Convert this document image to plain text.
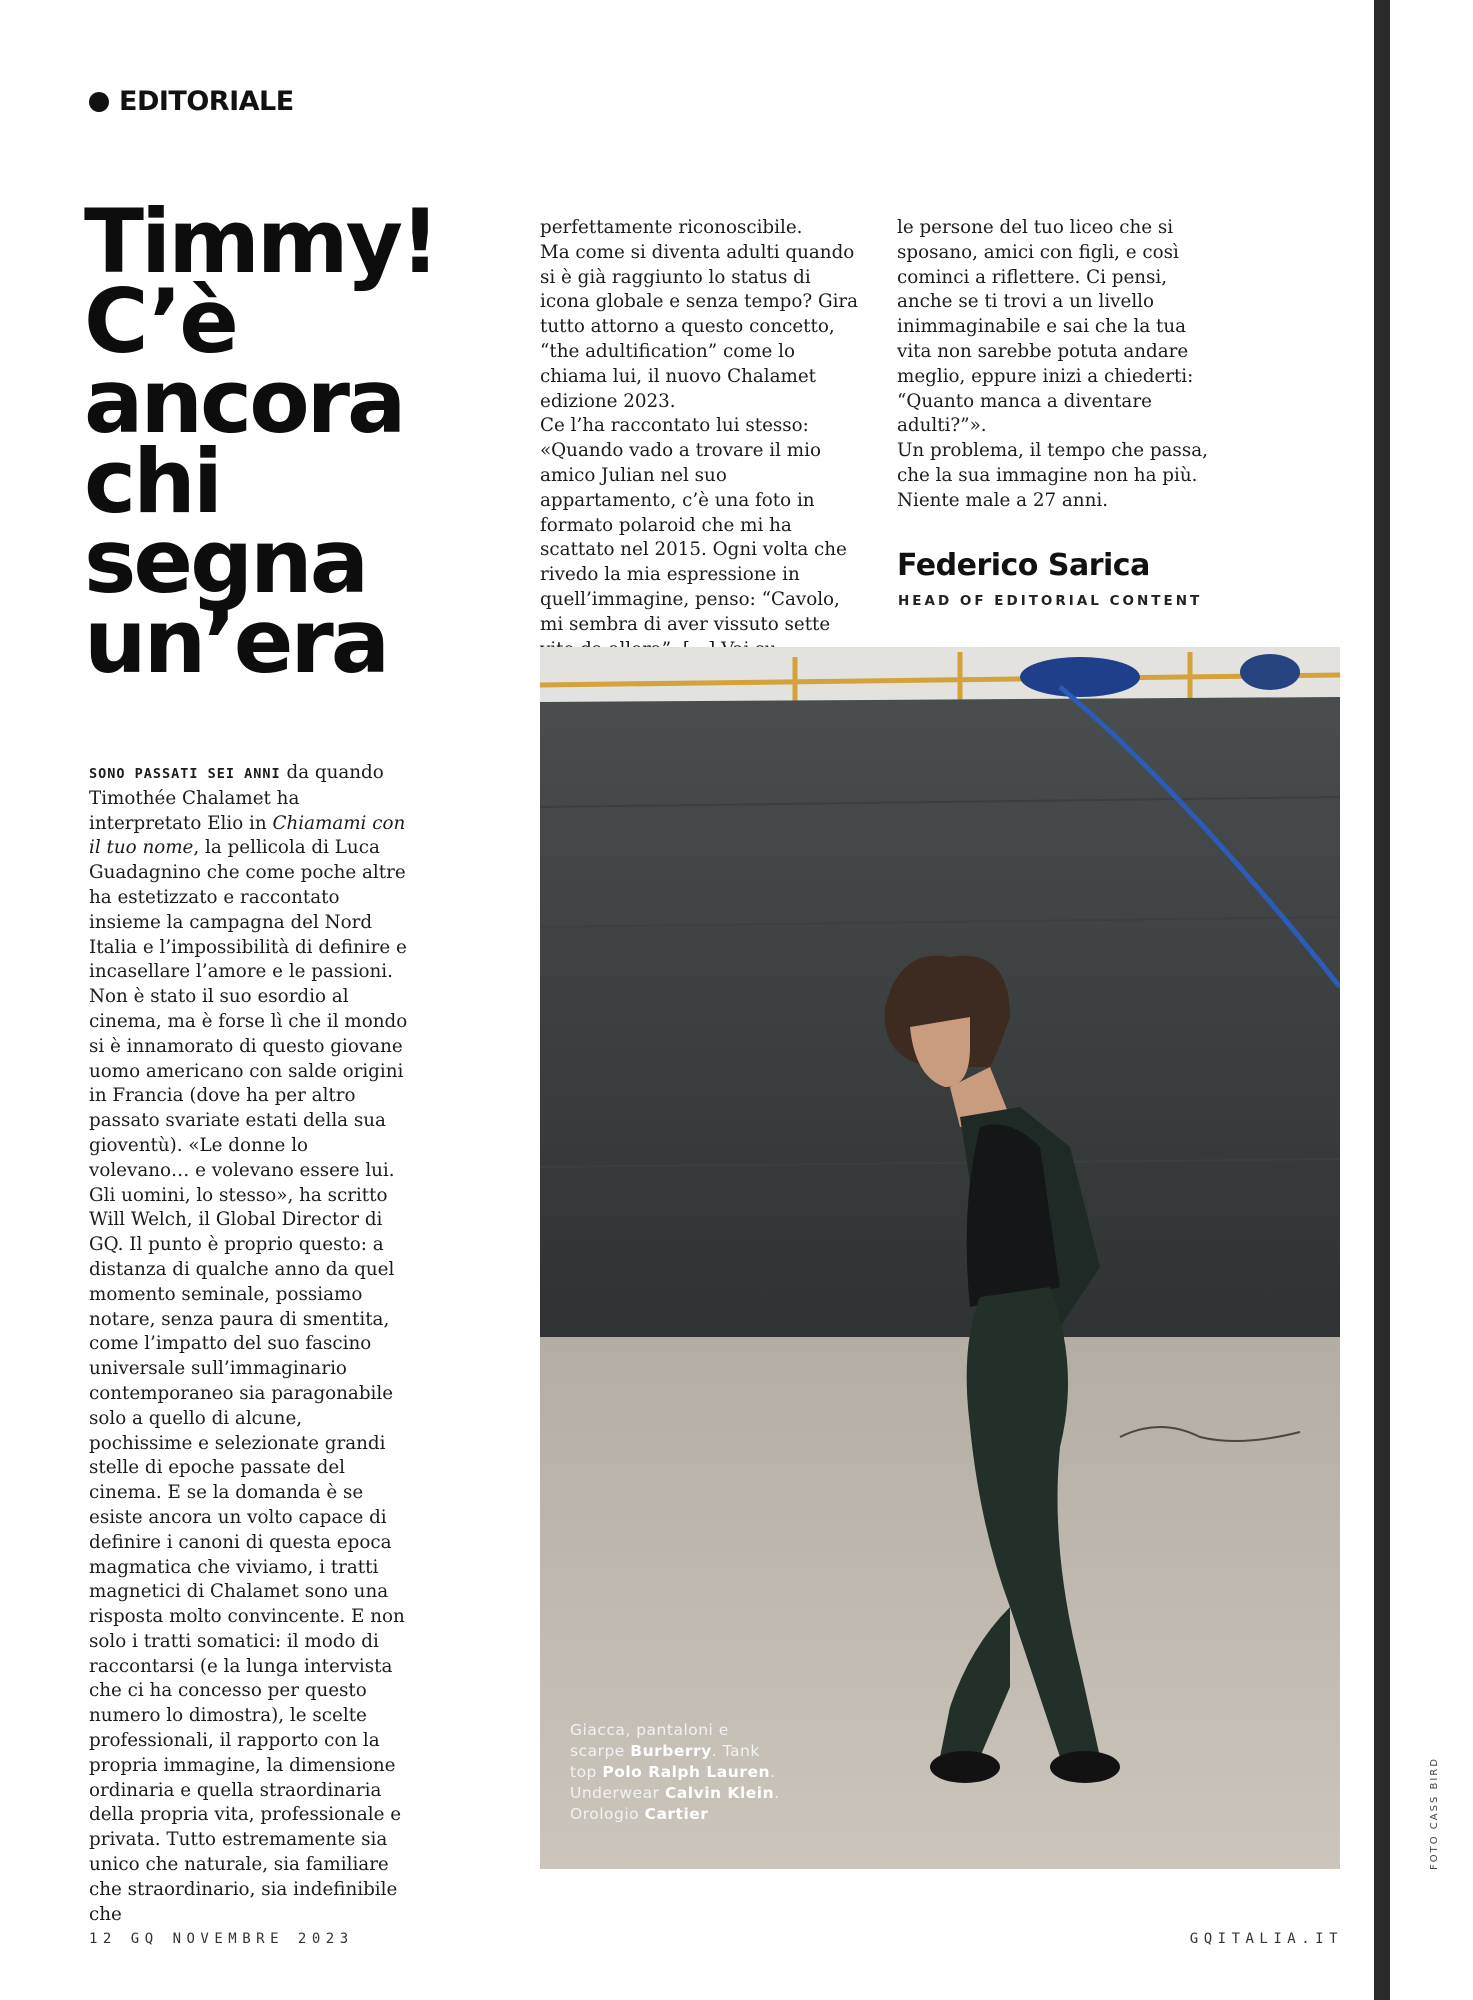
EDITORIALE
Timmy!
C’è
ancora
chi
segna
un’era

SONO PASSATI SEI ANNI da quando Timothée Chalamet ha interpretato Elio in Chiamami con il tuo nome, la pellicola di Luca Guadagnino che come poche altre ha estetizzato e raccontato insieme la campagna del Nord Italia e l’impossibilità di definire e incasellare l’amore e le passioni. Non è stato il suo esordio al cinema, ma è forse lì che il mondo si è innamorato di questo giovane uomo americano con salde origini in Francia (dove ha per altro passato svariate estati della sua gioventù). «Le donne lo volevano… e volevano essere lui. Gli uomini, lo stesso», ha scritto Will Welch, il Global Director di GQ. Il punto è proprio questo: a distanza di qualche anno da quel momento seminale, possiamo notare, senza paura di smentita, come l’impatto del suo fascino universale sull’immaginario contemporaneo sia paragonabile solo a quello di alcune, pochissime e selezionate grandi stelle di epoche passate del cinema. E se la domanda è se esiste ancora un volto capace di definire i canoni di questa epoca magmatica che viviamo, i tratti magnetici di Chalamet sono una risposta molto convincente. E non solo i tratti somatici: il modo di raccontarsi (e la lunga intervista che ci ha concesso per questo numero lo dimostra), le scelte professionali, il rapporto con la propria immagine, la dimensione ordinaria e quella straordinaria della propria vita, professionale e privata. Tutto estremamente sia unico che naturale, sia familiare che straordinario, sia indefinibile che

perfettamente riconoscibile.

Ma come si diventa adulti quando si è già raggiunto lo status di icona globale e senza tempo? Gira tutto attorno a questo concetto, “the adultification” come lo chiama lui, il nuovo Chalamet edizione 2023.

Ce l’ha raccontato lui stesso: «Quando vado a trovare il mio amico Julian nel suo appartamento, c’è una foto in formato polaroid che mi ha scattato nel 2015. Ogni volta che rivedo la mia espressione in quell’immagine, penso: “Cavolo, mi sembra di aver vissuto sette

le persone del tuo liceo che si sposano, amici con figli, e così cominci a riflettere. Ci pensi, anche se ti trovi a un livello inimmaginabile e sai che la tua vita non sarebbe potuta andare meglio, eppure inizi a chiederti: “Quanto manca a diventare adulti?”».

Un problema, il tempo che passa, che la sua immagine non ha più. Niente male a 27 anni.

Federico Sarica
HEAD OF EDITORIAL CONTENT
Giacca, pantaloni e scarpe Burberry. Tank top Polo Ralph Lauren. Underwear Calvin Klein. Orologio Cartier	FOTO CASS BIRD
12 GQ NOVEMBRE 2023	GQITALIA.IT
